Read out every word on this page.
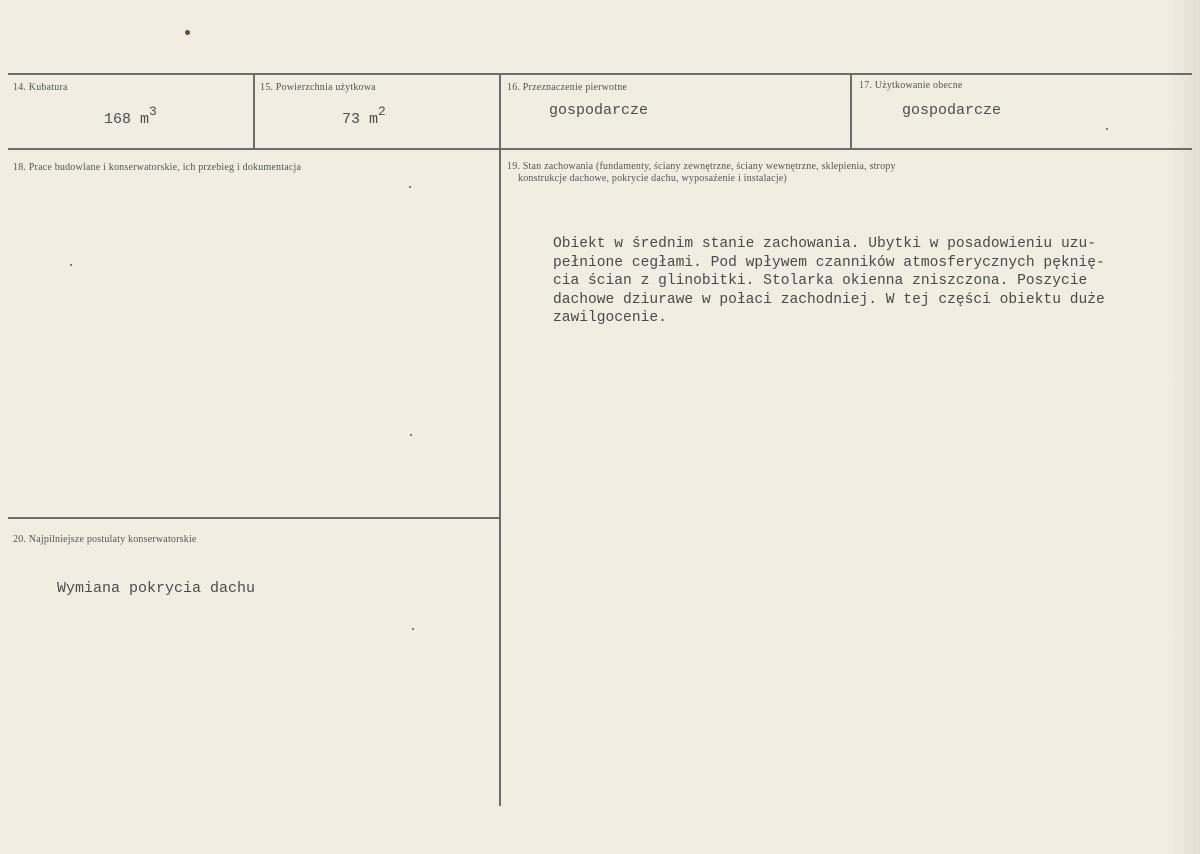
14. Kubatura
168 $m^3$
15. Powierzchnia użytkowa
73 $m^2$
16. Przeznaczenie pierwotne
gospodarcze
17. Użytkowanie obecne
gospodarcze
18. Prace budowlane i konserwatorskie, ich przebieg i dokumentacja	19. Stan zachowania (fundamenty, ściany zewnętrzne, ściany wewnętrzne, sklepienia, stropy
konstrukcje dachowe, pokrycie dachu, wyposażenie i instalacje)
Obiekt w średnim stanie zachowania. Ubytki w posadowieniu uzu-
pełnione cegłami. Pod wpływem czanników atmosferycznych pęknię-
cia ścian z glinobitki. Stolarka okienna zniszczona. Poszycie
dachowe dziurawe w połaci zachodniej. W tej części obiektu duże
zawilgocenie.
20. Najpilniejsze postulaty konserwatorskie
Wymiana pokrycia dachu
